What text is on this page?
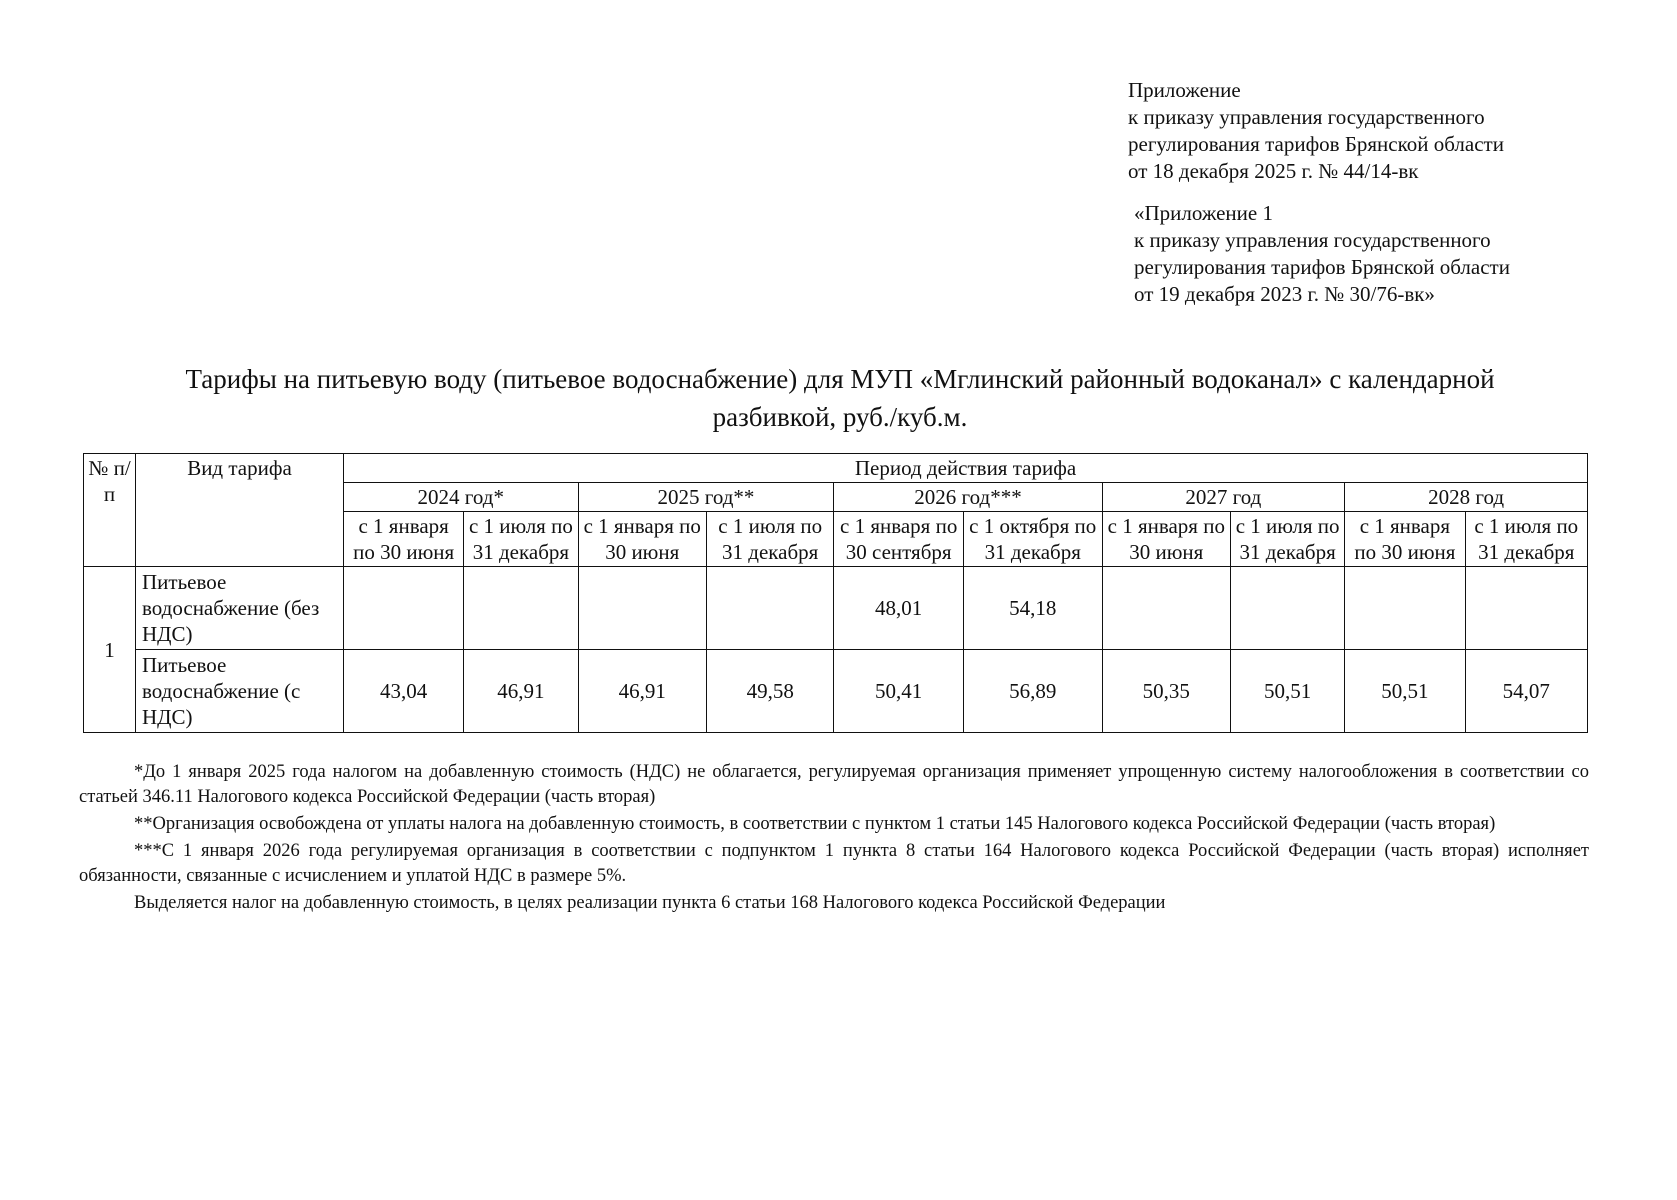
Приложение
к приказу управления государственного
регулирования тарифов Брянской области
от 18 декабря 2025 г. № 44/14-вк
«Приложение 1
к приказу управления государственного
регулирования тарифов Брянской области
от 19 декабря 2023 г. № 30/76-вк»
Тарифы на питьевую воду (питьевое водоснабжение) для МУП «Мглинский районный водоканал» с календарной
разбивкой, руб./куб.м.
№ п/п	Вид тарифа	Период действия тарифа									
		2024 год*		2025 год**		2026 год***		2027 год		2028 год	
		с 1 января по 30 июня	с 1 июля по 31 декабря	с 1 января по 30 июня	с 1 июля по 31 декабря	с 1 января по 30 сентября	с 1 октября по 31 декабря	с 1 января по 30 июня	с 1 июля по 31 декабря	с 1 января по 30 июня	с 1 июля по 31 декабря
1	Питьевое водоснабжение (без НДС)					48,01	54,18				
	Питьевое водоснабжение (с НДС)	43,04	46,91	46,91	49,58	50,41	56,89	50,35	50,51	50,51	54,07

*До 1 января 2025 года налогом на добавленную стоимость (НДС) не облагается, регулируемая организация применяет упрощенную систему налогообложения в соответствии со статьей 346.11 Налогового кодекса Российской Федерации (часть вторая)

**Организация освобождена от уплаты налога на добавленную стоимость, в соответствии с пунктом 1 статьи 145 Налогового кодекса Российской Федерации (часть вторая)

***С 1 января 2026 года регулируемая организация в соответствии с подпунктом 1 пункта 8 статьи 164 Налогового кодекса Российской Федерации (часть вторая) исполняет обязанности, связанные с исчислением и уплатой НДС в размере 5%.

Выделяется налог на добавленную стоимость, в целях реализации пункта 6 статьи 168 Налогового кодекса Российской Федерации
